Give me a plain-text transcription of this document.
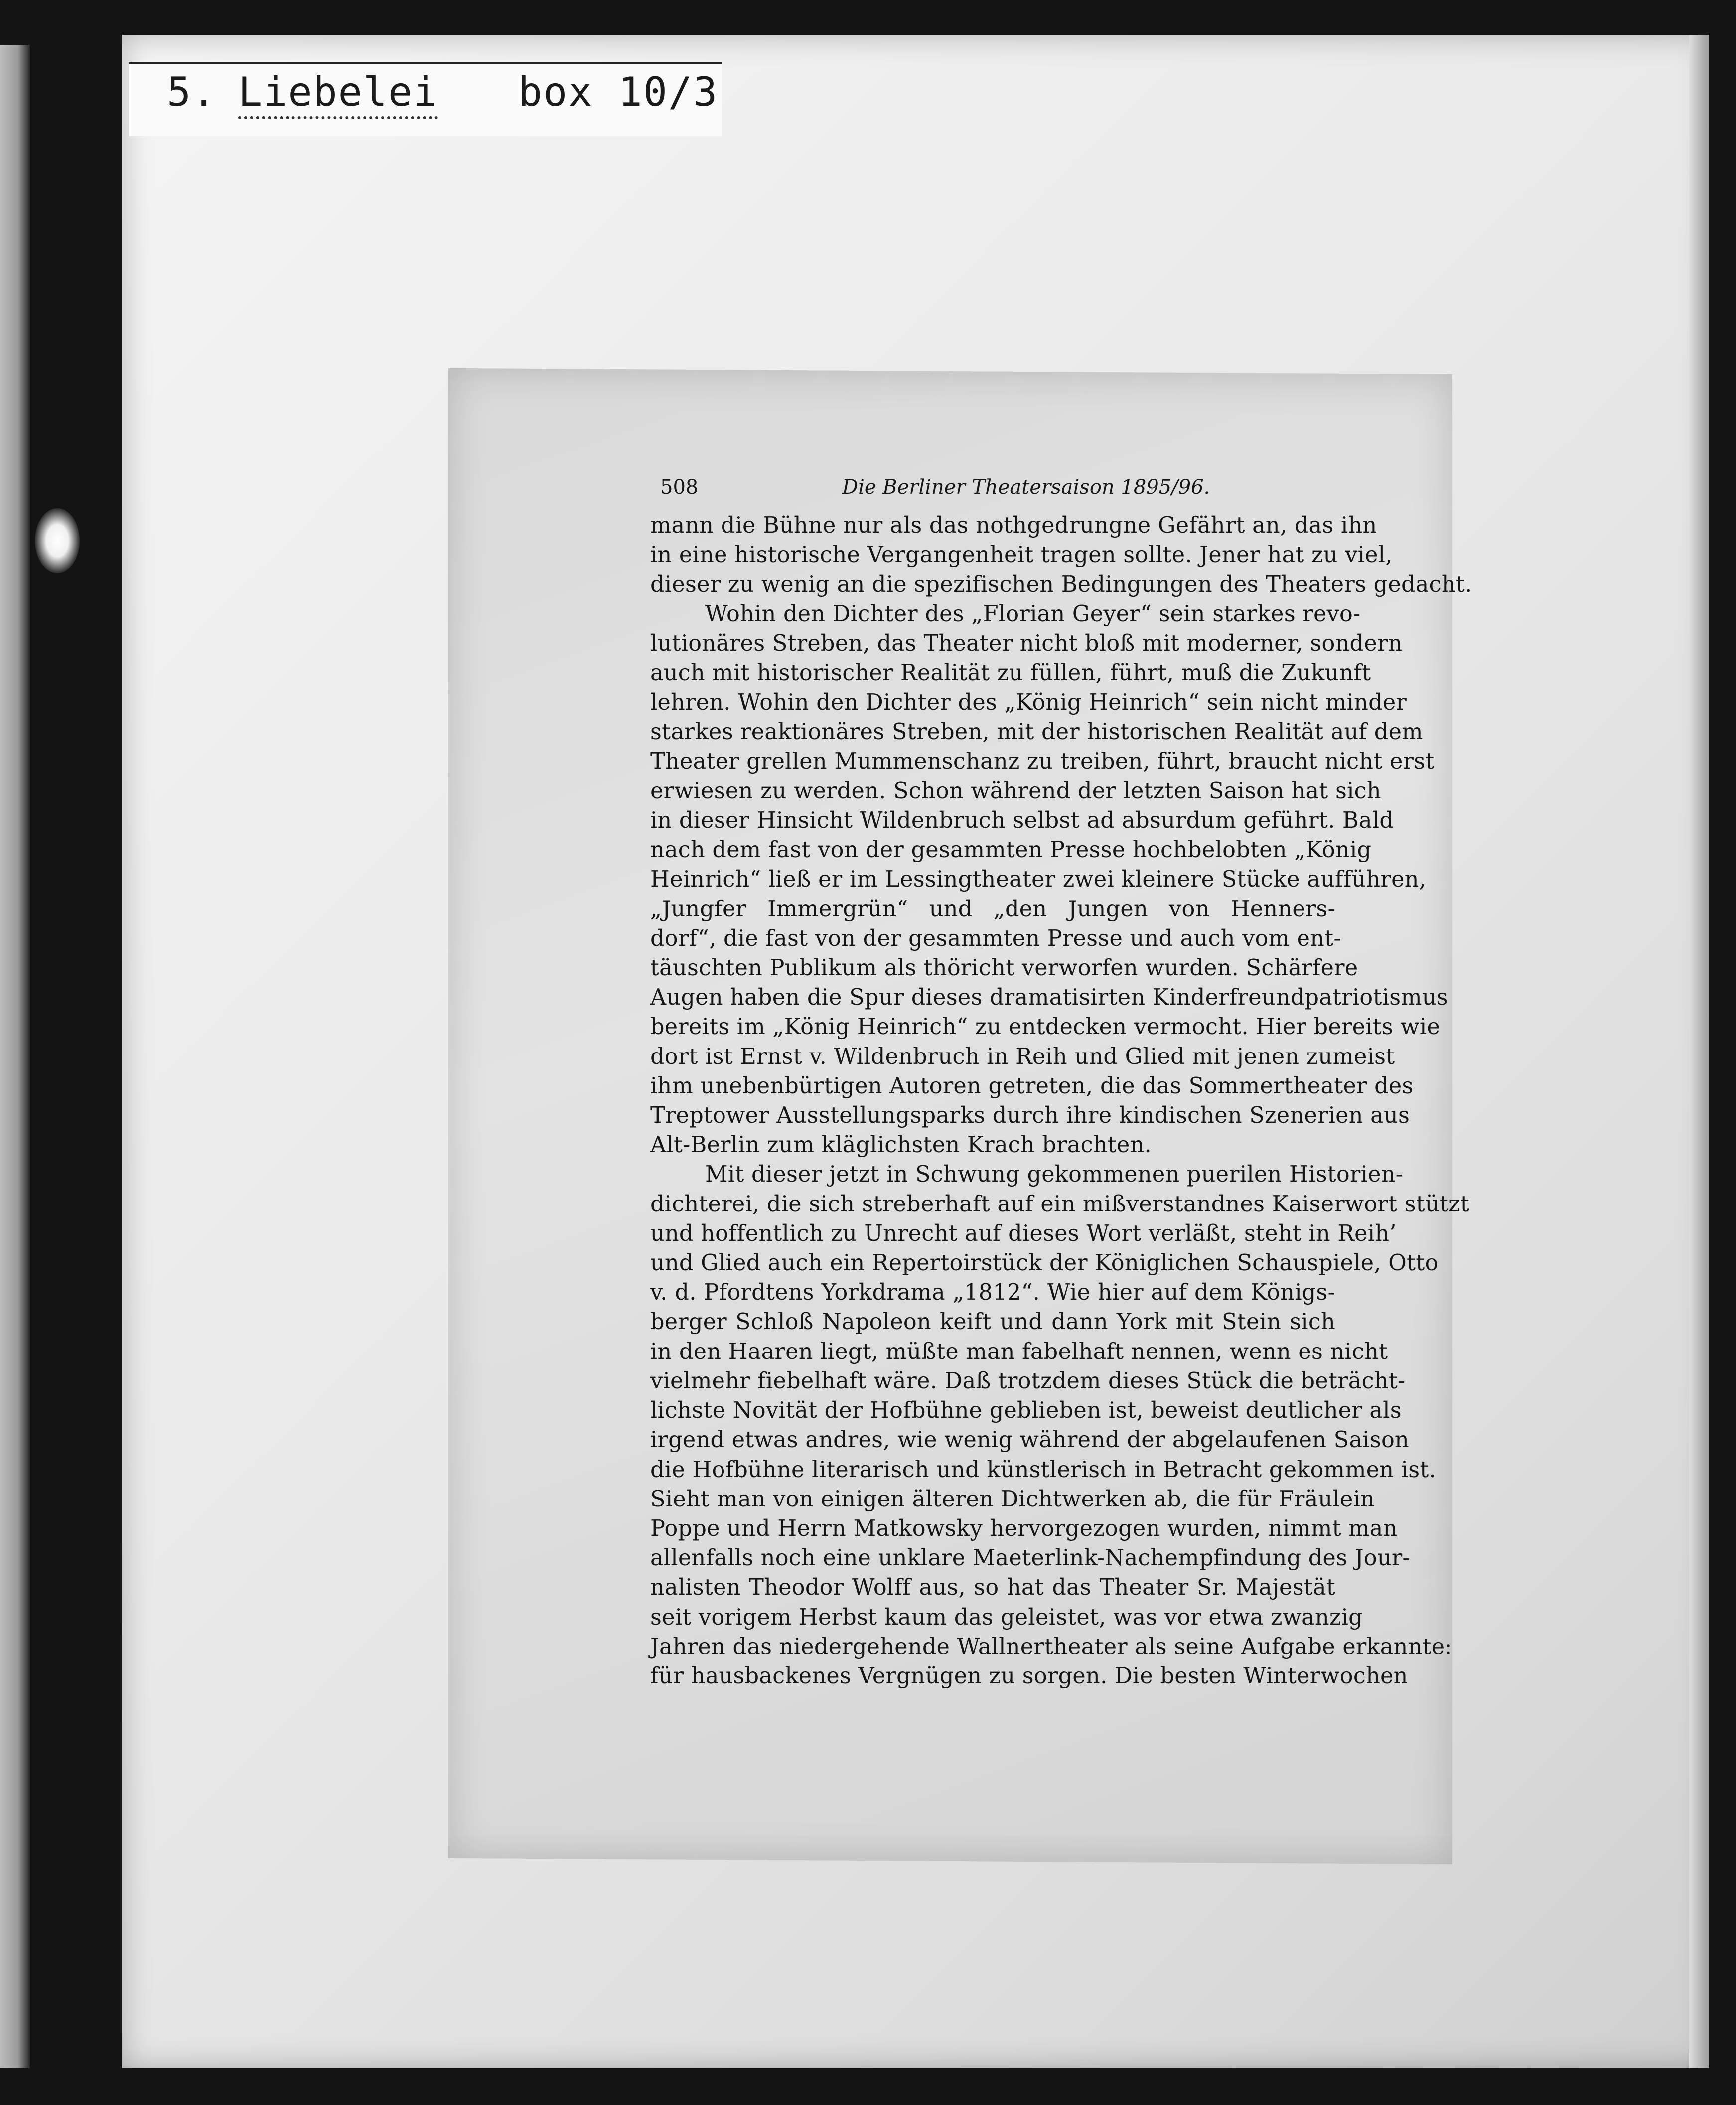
5. Liebelei box 10/3
508	Die Berliner Theatersaison 1895/96.
mann die Bühne nur als das nothgedrungne Gefährt an, das ihn
in eine historische Vergangenheit tragen sollte. Jener hat zu viel,
dieser zu wenig an die spezifischen Bedingungen des Theaters gedacht.
Wohin den Dichter des „Florian Geyer“ sein starkes revo-
lutionäres Streben, das Theater nicht bloß mit moderner, sondern
auch mit historischer Realität zu füllen, führt, muß die Zukunft
lehren. Wohin den Dichter des „König Heinrich“ sein nicht minder
starkes reaktionäres Streben, mit der historischen Realität auf dem
Theater grellen Mummenschanz zu treiben, führt, braucht nicht erst
erwiesen zu werden. Schon während der letzten Saison hat sich
in dieser Hinsicht Wildenbruch selbst ad absurdum geführt. Bald
nach dem fast von der gesammten Presse hochbelobten „König
Heinrich“ ließ er im Lessingtheater zwei kleinere Stücke aufführen,
„Jungfer Immergrün“ und „den Jungen von Henners-
dorf“, die fast von der gesammten Presse und auch vom ent-
täuschten Publikum als thöricht verworfen wurden. Schärfere
Augen haben die Spur dieses dramatisirten Kinderfreundpatriotismus
bereits im „König Heinrich“ zu entdecken vermocht. Hier bereits wie
dort ist Ernst v. Wildenbruch in Reih und Glied mit jenen zumeist
ihm unebenbürtigen Autoren getreten, die das Sommertheater des
Treptower Ausstellungsparks durch ihre kindischen Szenerien aus
Alt-Berlin zum kläglichsten Krach brachten.
Mit dieser jetzt in Schwung gekommenen puerilen Historien-
dichterei, die sich streberhaft auf ein mißverstandnes Kaiserwort stützt
und hoffentlich zu Unrecht auf dieses Wort verläßt, steht in Reih’
und Glied auch ein Repertoirstück der Königlichen Schauspiele, Otto
v. d. Pfordtens Yorkdrama „1812“. Wie hier auf dem Königs-
berger Schloß Napoleon keift und dann York mit Stein sich
in den Haaren liegt, müßte man fabelhaft nennen, wenn es nicht
vielmehr fiebelhaft wäre. Daß trotzdem dieses Stück die beträcht-
lichste Novität der Hofbühne geblieben ist, beweist deutlicher als
irgend etwas andres, wie wenig während der abgelaufenen Saison
die Hofbühne literarisch und künstlerisch in Betracht gekommen ist.
Sieht man von einigen älteren Dichtwerken ab, die für Fräulein
Poppe und Herrn Matkowsky hervorgezogen wurden, nimmt man
allenfalls noch eine unklare Maeterlink-Nachempfindung des Jour-
nalisten Theodor Wolff aus, so hat das Theater Sr. Majestät
seit vorigem Herbst kaum das geleistet, was vor etwa zwanzig
Jahren das niedergehende Wallnertheater als seine Aufgabe erkannte:
für hausbackenes Vergnügen zu sorgen. Die besten Winterwochen
